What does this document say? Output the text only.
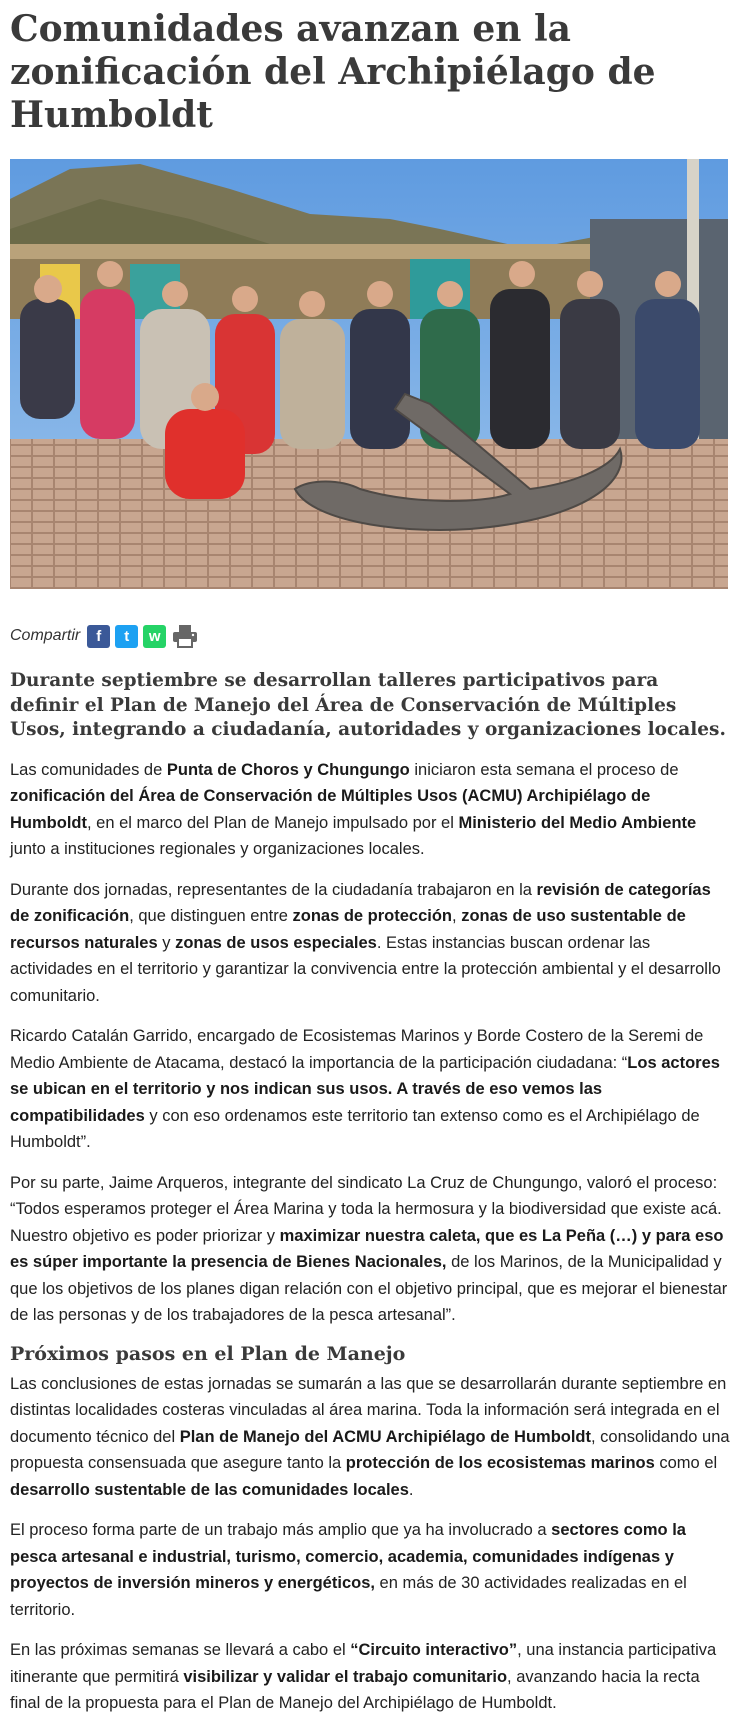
Comunidades avanzan en la zonificación del Archipiélago de Humboldt
Compartir f t w

Durante septiembre se desarrollan talleres participativos para definir el Plan de Manejo del Área de Conservación de Múltiples Usos, integrando a ciudadanía, autoridades y organizaciones locales.

Las comunidades de Punta de Choros y Chungungo iniciaron esta semana el proceso de zonificación del Área de Conservación de Múltiples Usos (ACMU) Archipiélago de Humboldt, en el marco del Plan de Manejo impulsado por el Ministerio del Medio Ambiente junto a instituciones regionales y organizaciones locales.

Durante dos jornadas, representantes de la ciudadanía trabajaron en la revisión de categorías de zonificación, que distinguen entre zonas de protección, zonas de uso sustentable de recursos naturales y zonas de usos especiales. Estas instancias buscan ordenar las actividades en el territorio y garantizar la convivencia entre la protección ambiental y el desarrollo comunitario.

Ricardo Catalán Garrido, encargado de Ecosistemas Marinos y Borde Costero de la Seremi de Medio Ambiente de Atacama, destacó la importancia de la participación ciudadana: “Los actores se ubican en el territorio y nos indican sus usos. A través de eso vemos las compatibilidades y con eso ordenamos este territorio tan extenso como es el Archipiélago de Humboldt”.

Por su parte, Jaime Arqueros, integrante del sindicato La Cruz de Chungungo, valoró el proceso: “Todos esperamos proteger el Área Marina y toda la hermosura y la biodiversidad que existe acá. Nuestro objetivo es poder priorizar y maximizar nuestra caleta, que es La Peña (…) y para eso es súper importante la presencia de Bienes Nacionales, de los Marinos, de la Municipalidad y que los objetivos de los planes digan relación con el objetivo principal, que es mejorar el bienestar de las personas y de los trabajadores de la pesca artesanal”.

Próximos pasos en el Plan de Manejo

Las conclusiones de estas jornadas se sumarán a las que se desarrollarán durante septiembre en distintas localidades costeras vinculadas al área marina. Toda la información será integrada en el documento técnico del Plan de Manejo del ACMU Archipiélago de Humboldt, consolidando una propuesta consensuada que asegure tanto la protección de los ecosistemas marinos como el desarrollo sustentable de las comunidades locales.

El proceso forma parte de un trabajo más amplio que ya ha involucrado a sectores como la pesca artesanal e industrial, turismo, comercio, academia, comunidades indígenas y proyectos de inversión mineros y energéticos, en más de 30 actividades realizadas en el territorio.

En las próximas semanas se llevará a cabo el “Circuito interactivo”, una instancia participativa itinerante que permitirá visibilizar y validar el trabajo comunitario, avanzando hacia la recta final de la propuesta para el Plan de Manejo del Archipiélago de Humboldt.
